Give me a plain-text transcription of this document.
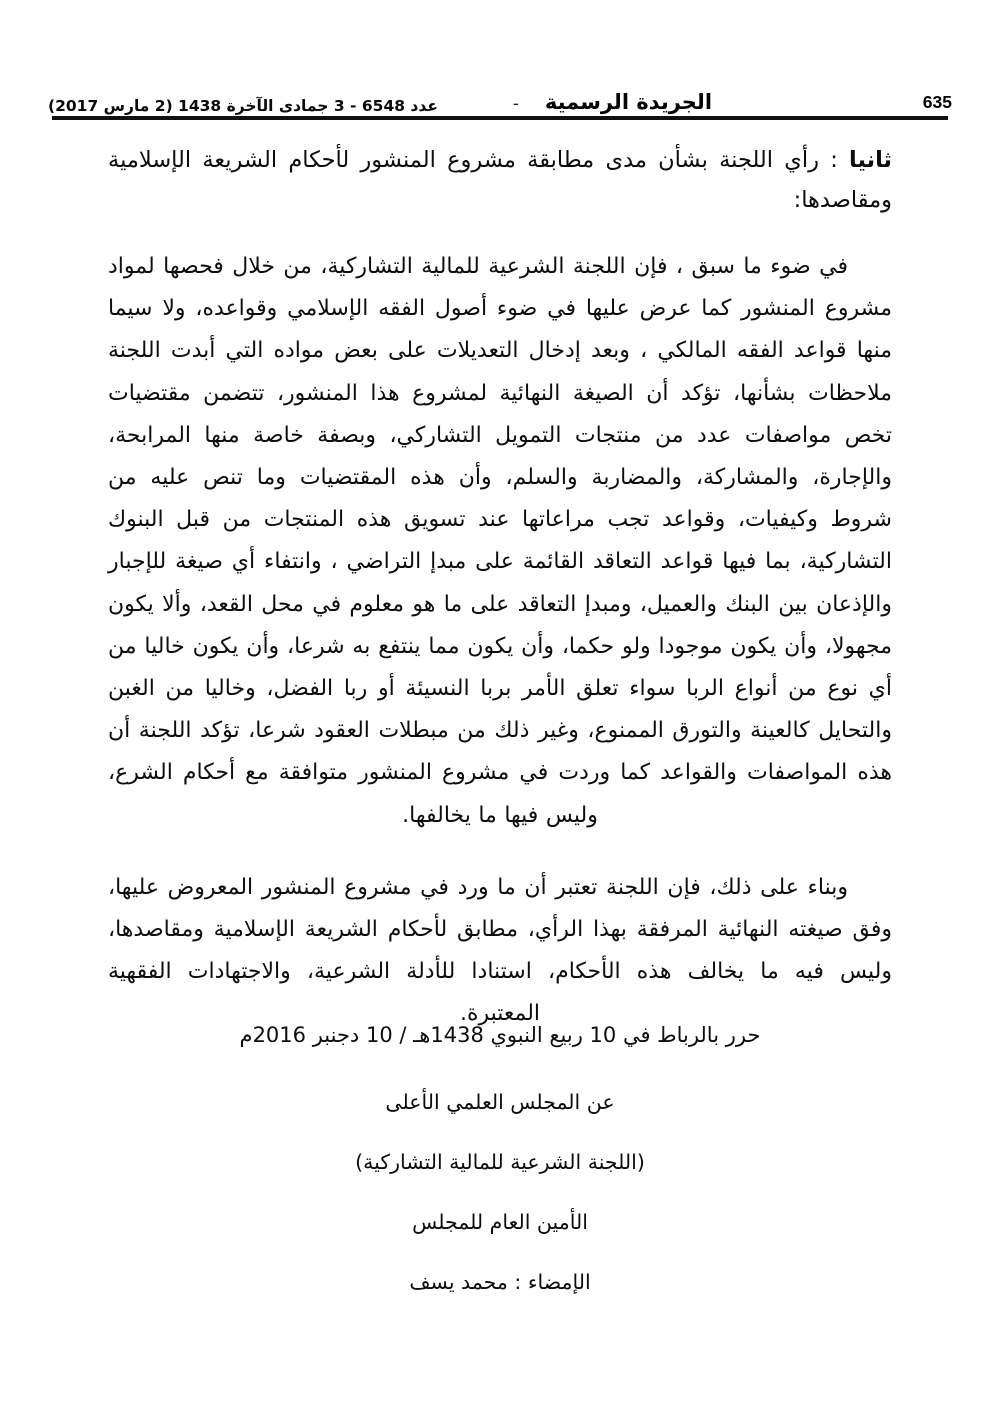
635
الجريدة الرسمية
-
عدد 6548 - 3 جمادى الآخرة 1438 (2 مارس 2017)
ثانيا : رأي اللجنة بشأن مدى مطابقة مشروع المنشور لأحكام الشريعة الإسلامية ومقاصدها:

في ضوء ما سبق ، فإن اللجنة الشرعية للمالية التشاركية، من خلال فحصها لمواد مشروع المنشور كما عرض عليها في ضوء أصول الفقه الإسلامي وقواعده، ولا سيما منها قواعد الفقه المالكي ، وبعد إدخال التعديلات على بعض مواده التي أبدت اللجنة ملاحظات بشأنها، تؤكد أن الصيغة النهائية لمشروع هذا المنشور، تتضمن مقتضيات تخص مواصفات عدد من منتجات التمويل التشاركي، وبصفة خاصة منها المرابحة، والإجارة، والمشاركة، والمضاربة والسلم، وأن هذه المقتضيات وما تنص عليه من شروط وكيفيات، وقواعد تجب مراعاتها عند تسويق هذه المنتجات من قبل البنوك التشاركية، بما فيها قواعد التعاقد القائمة على مبدإ التراضي ، وانتفاء أي صيغة للإجبار والإذعان بين البنك والعميل، ومبدإ التعاقد على ما هو معلوم في محل القعد، وألا يكون مجهولا، وأن يكون موجودا ولو حكما، وأن يكون مما ينتفع به شرعا، وأن يكون خاليا من أي نوع من أنواع الربا سواء تعلق الأمر بربا النسيئة أو ربا الفضل، وخاليا من الغبن والتحايل كالعينة والتورق الممنوع، وغير ذلك من مبطلات العقود شرعا، تؤكد اللجنة أن هذه المواصفات والقواعد كما وردت في مشروع المنشور متوافقة مع أحكام الشرع، وليس فيها ما يخالفها.

وبناء على ذلك، فإن اللجنة تعتبر أن ما ورد في مشروع المنشور المعروض عليها، وفق صيغته النهائية المرفقة بهذا الرأي، مطابق لأحكام الشريعة الإسلامية ومقاصدها، وليس فيه ما يخالف هذه الأحكام، استنادا للأدلة الشرعية، والاجتهادات الفقهية المعتبرة.

حرر بالرباط في 10 ربيع النبوي 1438هـ / 10 دجنبر 2016م
عن المجلس العلمي الأعلى
(اللجنة الشرعية للمالية التشاركية)
الأمين العام للمجلس
الإمضاء : محمد يسف
